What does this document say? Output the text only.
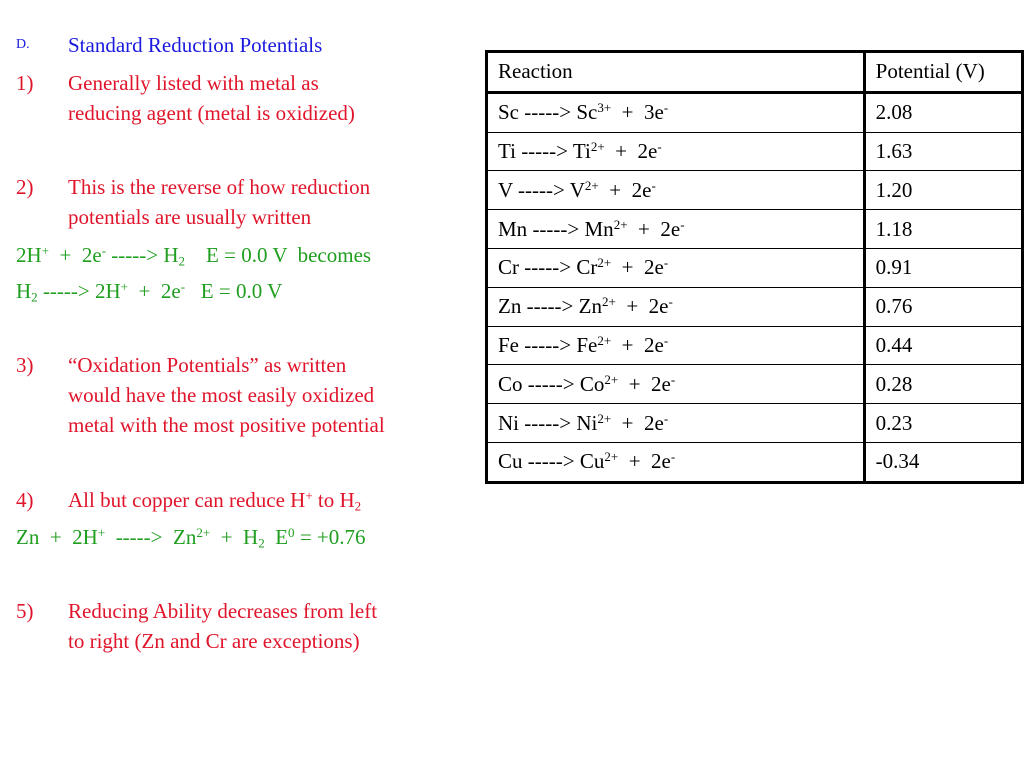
D. Standard Reduction Potentials
1) Generally listed with metal as
reducing agent (metal is oxidized)
2) This is the reverse of how reduction
potentials are usually written
2H+  +  2e- -----> $H_2$    E = 0.0 V  becomes
$H_2$ -----> 2H+  +  2e-   E = 0.0 V
3) “Oxidation Potentials” as written
would have the most easily oxidized
metal with the most positive potential
4) All but copper can reduce H+ to $H_2$
Zn  +  2H+  ----->  $Zn^{2+} + H_2$  $E^0 = +0.76$
5) Reducing Ability decreases from left
to right (Zn and Cr are exceptions)
Reaction	Potential (V)
Sc -----> $Sc^{3+} + 3e^-$	2.08
Ti -----> $Ti^{2+} + 2e^-$	1.63
V -----> $V^{2+} + 2e^-$	1.20
Mn -----> $Mn^{2+} + 2e^-$	1.18
Cr -----> $Cr^{2+} + 2e^-$	0.91
Zn -----> $Zn^{2+} + 2e^-$	0.76
Fe -----> $Fe^{2+} + 2e^-$	0.44
Co -----> $Co^{2+} + 2e^-$	0.28
Ni -----> $Ni^{2+} + 2e^-$	0.23
Cu -----> $Cu^{2+} + 2e^-$	-0.34
